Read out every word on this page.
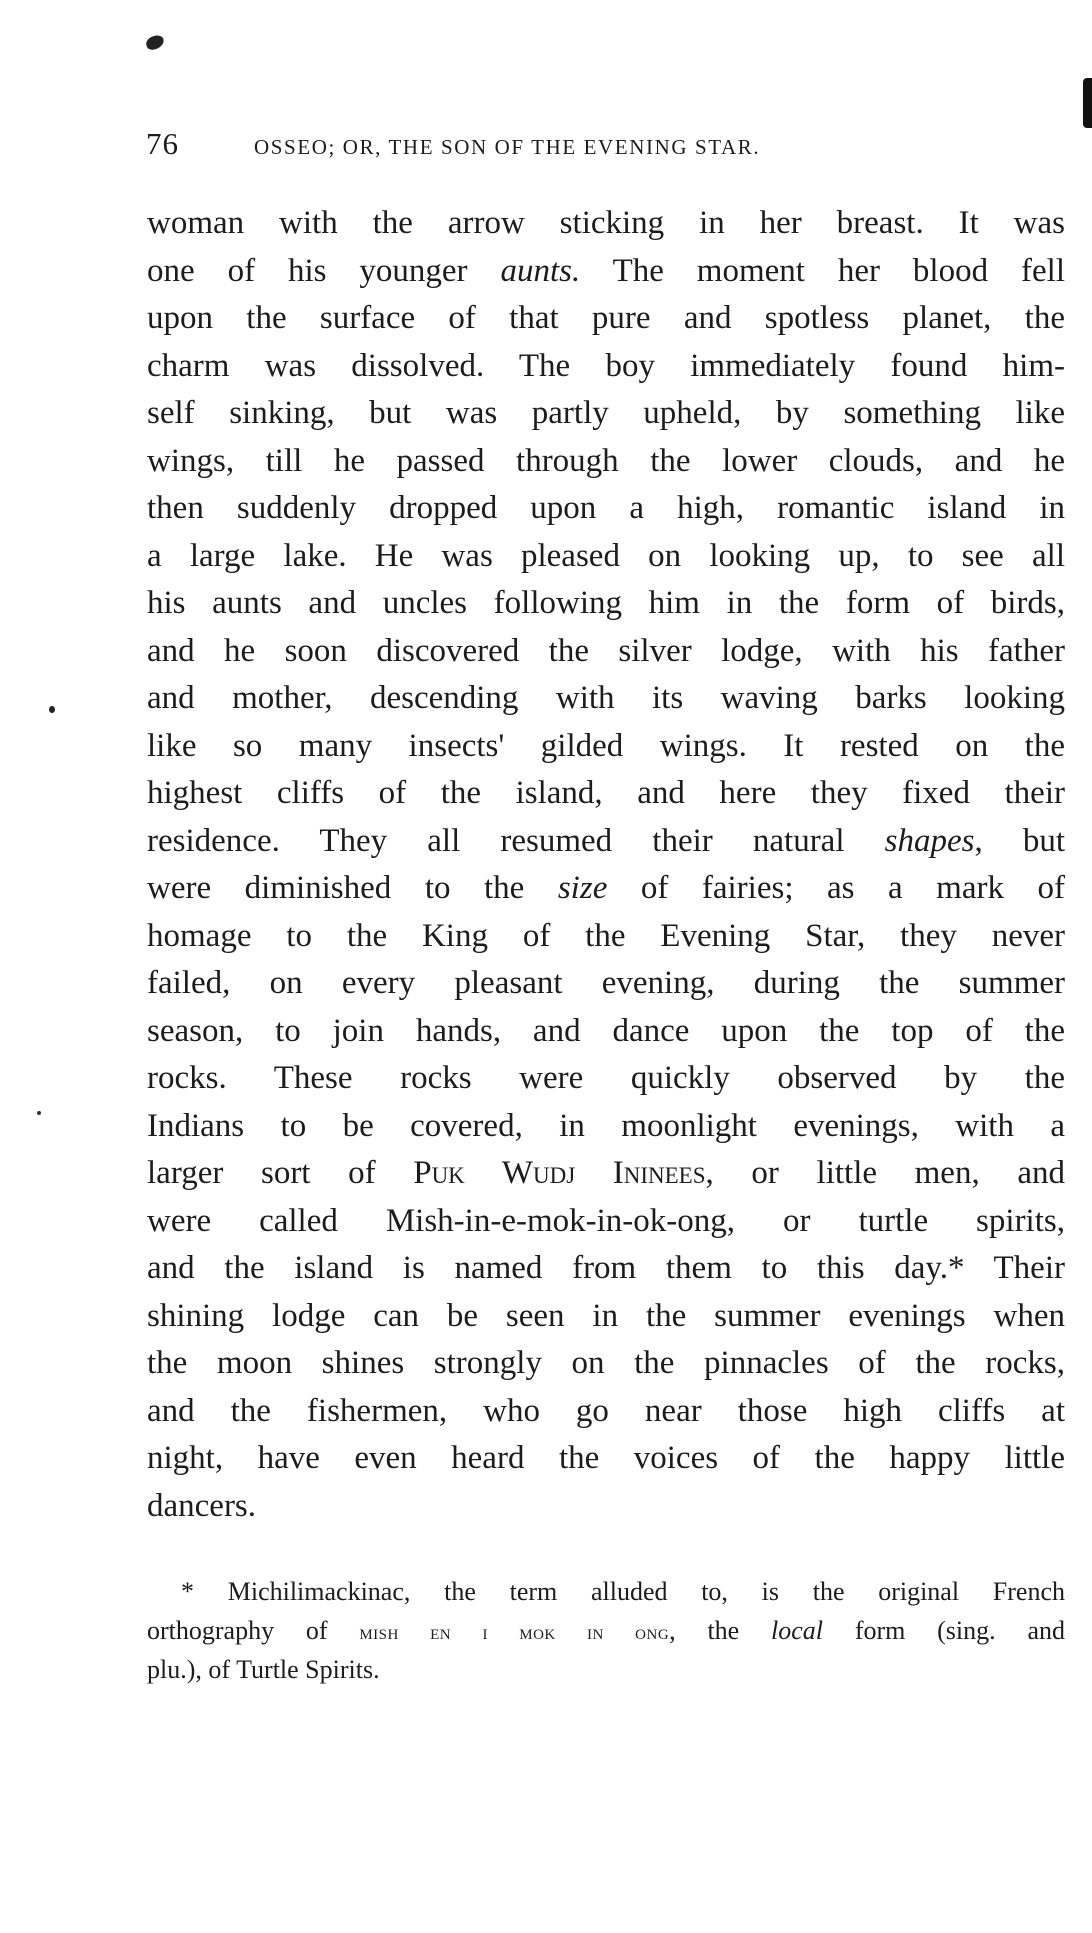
76	OSSEO; OR, THE SON OF THE EVENING STAR.
woman with the arrow sticking in her breast. It was
one of his younger aunts. The moment her blood fell
upon the surface of that pure and spotless planet, the
charm was dissolved. The boy immediately found him-
self sinking, but was partly upheld, by something like
wings, till he passed through the lower clouds, and he
then suddenly dropped upon a high, romantic island in
a large lake. He was pleased on looking up, to see all
his aunts and uncles following him in the form of birds,
and he soon discovered the silver lodge, with his father
and mother, descending with its waving barks looking
like so many insects' gilded wings. It rested on the
highest cliffs of the island, and here they fixed their
residence. They all resumed their natural shapes, but
were diminished to the size of fairies; as a mark of
homage to the King of the Evening Star, they never
failed, on every pleasant evening, during the summer
season, to join hands, and dance upon the top of the
rocks. These rocks were quickly observed by the
Indians to be covered, in moonlight evenings, with a
larger sort of Puk Wudj Ininees, or little men, and
were called Mish-in-e-mok-in-ok-ong, or turtle spirits,
and the island is named from them to this day.* Their
shining lodge can be seen in the summer evenings when
the moon shines strongly on the pinnacles of the rocks,
and the fishermen, who go near those high cliffs at
night, have even heard the voices of the happy little
dancers.
* Michilimackinac, the term alluded to, is the original French
orthography of mish en i mok in ong, the local form (sing. and
plu.), of Turtle Spirits.
